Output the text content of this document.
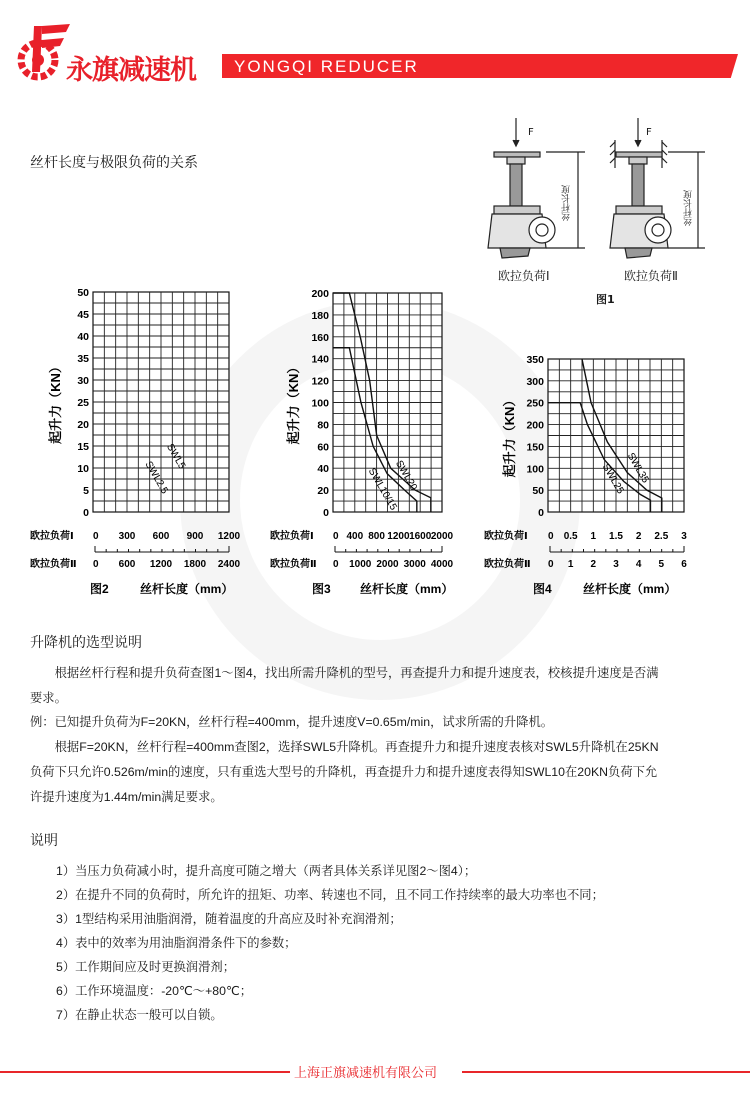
永旗减速机 YONGQI REDUCER
丝杆长度与极限负荷的关系
F	F
丝杆长度	丝杆长度
欧拉负荷Ⅰ	欧拉负荷Ⅱ
图1
0
5
10
15
20
25
30
35
40
45
50
起升力（KN）
SWL5
SWL2.5
欧拉负荷Ⅰ
欧拉负荷Ⅱ
0 300 600 900 1200
0 600 1200 1800 2400
图2	丝杆长度（mm）
0
20
40
60
80
100
120
140
160
180
200
起升力（KN）
SWL20
SWL10/15
欧拉负荷Ⅰ
欧拉负荷Ⅱ
0 400 800 1200 1600 2000
0 1000 2000 3000 4000
图3 丝杆长度（mm）
0
50
100
150
200
250
300
350
起升力（KN）	SWL35
SWL25
欧拉负荷Ⅰ
欧拉负荷Ⅱ
0 0.5 1 1.5 2 2.5 3
0 1 2 3 4 5 6
图4	丝杆长度（mm）
升降机的选型说明
　　根据丝杆行程和提升负荷查图1～图4，找出所需升降机的型号，再查提升力和提升速度表，校核提升速度是否满
要求。
例：已知提升负荷为F=20KN，丝杆行程=400mm，提升速度V=0.65m/min，试求所需的升降机。
　　根据F=20KN，丝杆行程=400mm查图2，选择SWL5升降机。再查提升力和提升速度表核对SWL5升降机在25KN
负荷下只允许0.526m/min的速度，只有重选大型号的升降机，再查提升力和提升速度表得知SWL10在20KN负荷下允
许提升速度为1.44m/min满足要求。
说明
1）当压力负荷减小时，提升高度可随之增大（两者具体关系详见图2～图4）；
2）在提升不同的负荷时，所允许的扭矩、功率、转速也不同，且不同工作持续率的最大功率也不同；
3）1型结构采用油脂润滑，随着温度的升高应及时补充润滑剂；
4）表中的效率为用油脂润滑条件下的参数；
5）工作期间应及时更换润滑剂；
6）工作环境温度：-20℃～+80℃；
7）在静止状态一般可以自锁。
上海正旗减速机有限公司
